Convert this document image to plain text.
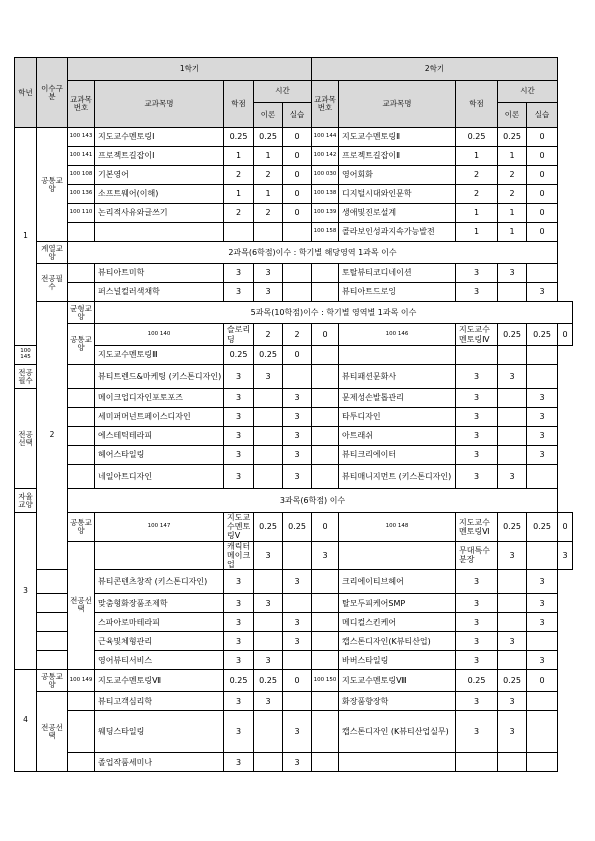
학년	이수구분	1학기					2학기					
		교과목번호	교과목명	학점	시간		교과목번호	교과목명	학점	시간		
					이론	실습				이론	실습	
1	공통교양	100 143	지도교수멘토링Ⅰ	0.25	0.25	0	100 144	지도교수멘토링Ⅱ	0.25	0.25	0	
		100 141	프로젝트길잡이Ⅰ	1	1	0	100 142	프로젝트길잡이Ⅱ	1	1	0	
		100 108	기본영어	2	2	0	100 030	영어회화	2	2	0	
		100 136	소프트웨어(이해)	1	1	0	100 138	디지털시대와인문학	2	2	0	
		100 110	논리적사유와글쓰기	2	2	0	100 139	생애및진로설계	1	1	0	
							100 158	콜라보인성과지속가능발전	1	1	0	
	계열교양	2과목(6학점)이수 : 학기별 해당영역 1과목 이수										
	전공필수		뷰티아트미학	3	3			토탈뷰티코디네이션	3	3		
			퍼스널컬러색채학	3	3			뷰티아트드로잉	3		3	
	2	균형교양	5과목(10학점)이수 : 학기별 영역별 1과목 이수									
		공통교양	100 140	슬로리딩	2	2	0	100 146	지도교수멘토링Ⅳ	0.25	0.25	0
100 145			지도교수멘토링Ⅲ	0.25	0.25	0						
전공필수			뷰티트렌드&마케팅 (키스톤디자인)	3	3			뷰티패션문화사	3	3		
전공선택			메이크업디자인포토포즈	3		3		문제성손발톱관리	3		3	
			세미퍼머넌트페이스디자인	3		3		타투디자인	3		3	
			에스테틱테라피	3		3		아트래쉬	3		3	
			헤어스타일링	3		3		뷰티크리에이터	3		3	
			네일아트디자인	3		3		뷰티매니지먼트 (키스톤디자인)	3	3		
자율교양		3과목(6학점) 이수										
3		공통교양	100 147	지도교수멘토링Ⅴ	0.25	0.25	0	100 148	지도교수멘토링Ⅵ	0.25	0.25	0
		전공선택		캐릭터메이크업	3		3		무대특수분장	3		3
			뷰티콘텐츠창작 (키스톤디자인)	3		3		크리에이티브헤어	3		3	
			맞춤형화장품조제학	3	3			탈모두피케어SMP	3		3	
			스파아로마테라피	3		3		메디컬스킨케어	3		3	
			근육및체형관리	3		3		캡스톤디자인(K뷰티산업)	3	3		
			영어뷰티서비스	3	3			바버스타일링	3		3	
4	공통교양	100 149	지도교수멘토링Ⅶ	0.25	0.25	0	100 150	지도교수멘토링Ⅷ	0.25	0.25	0	
	전공선택		뷰티고객심리학	3	3			화장품향장학	3	3		
			웨딩스타일링	3		3		캡스톤디자인 (K뷰티산업실무)	3	3		
			졸업작품세미나	3		3						
